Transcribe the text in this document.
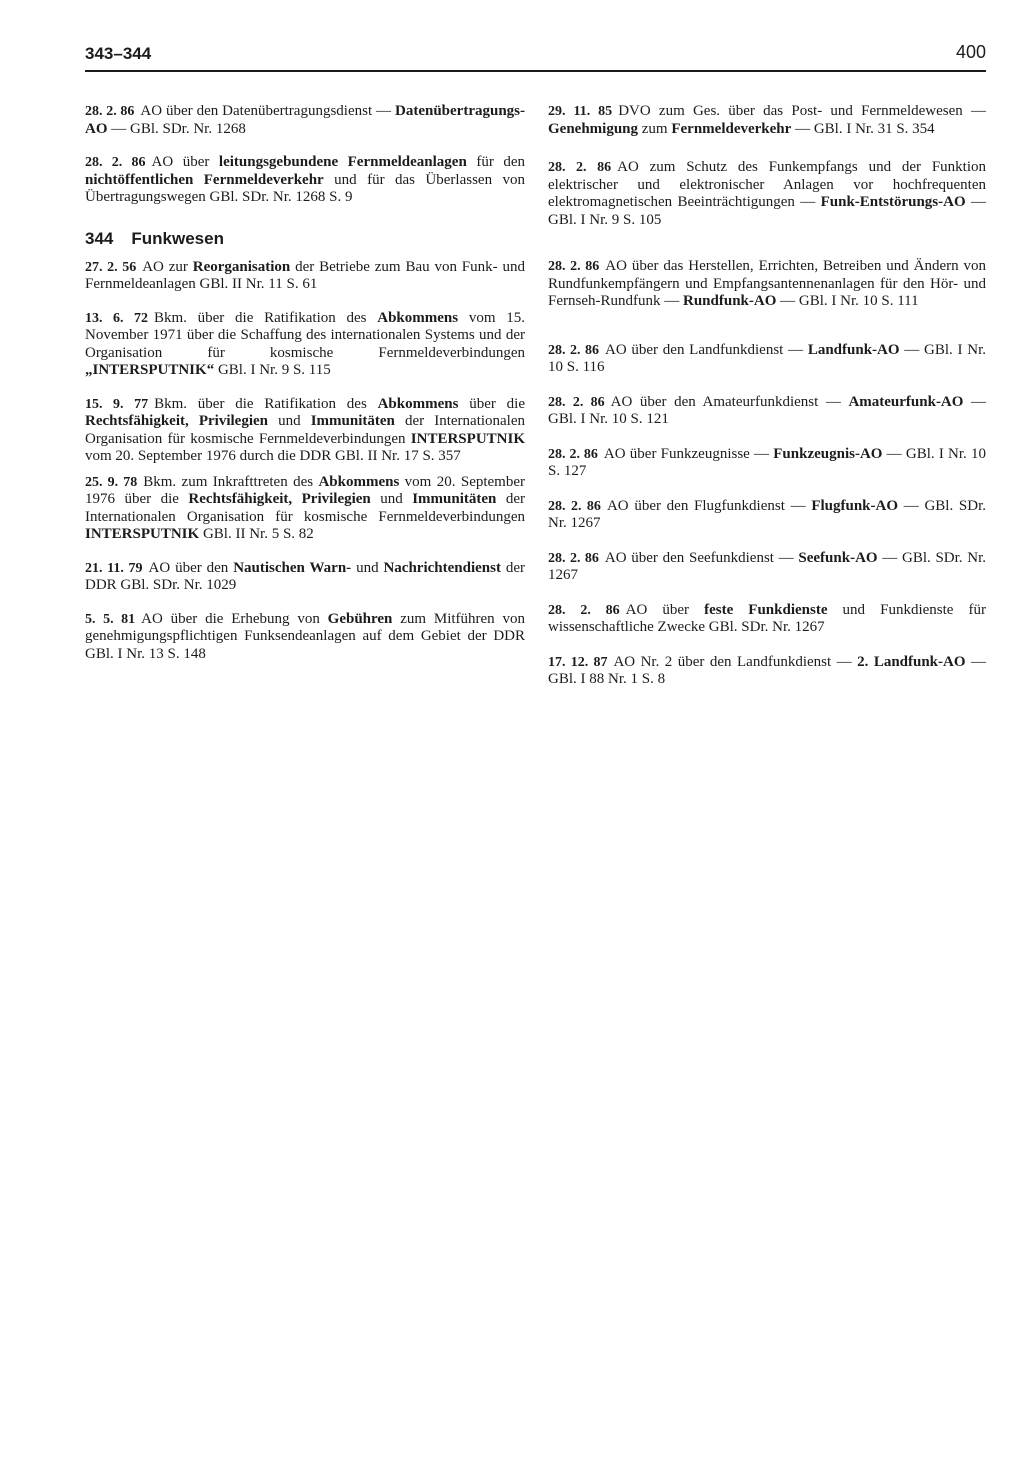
343–344	400

28. 2. 86 AO über den Datenübertragungsdienst — Datenübertragungs-AO — GBl. SDr. Nr. 1268

28. 2. 86 AO über leitungsgebundene Fernmeldeanlagen für den nichtöffentlichen Fernmeldeverkehr und für das Überlassen von Übertragungswegen GBl. SDr. Nr. 1268 S. 9

344 Funkwesen

27. 2. 56 AO zur Reorganisation der Betriebe zum Bau von Funk- und Fernmeldeanlagen GBl. II Nr. 11 S. 61

13. 6. 72 Bkm. über die Ratifikation des Abkommens vom 15. November 1971 über die Schaffung des internationalen Systems und der Organisation für kosmische Fernmeldeverbindungen „INTERSPUTNIK“ GBl. I Nr. 9 S. 115

15. 9. 77 Bkm. über die Ratifikation des Abkommens über die Rechtsfähigkeit, Privilegien und Immunitäten der Internationalen Organisation für kosmische Fernmeldeverbindungen INTERSPUTNIK vom 20. September 1976 durch die DDR GBl. II Nr. 17 S. 357

25. 9. 78 Bkm. zum Inkrafttreten des Abkommens vom 20. September 1976 über die Rechtsfähigkeit, Privilegien und Immunitäten der Internationalen Organisation für kosmische Fernmeldeverbindungen INTERSPUTNIK GBl. II Nr. 5 S. 82

21. 11. 79 AO über den Nautischen Warn- und Nachrichtendienst der DDR GBl. SDr. Nr. 1029

5. 5. 81 AO über die Erhebung von Gebühren zum Mitführen von genehmigungspflichtigen Funksendeanlagen auf dem Gebiet der DDR GBl. I Nr. 13 S. 148

29. 11. 85 DVO zum Ges. über das Post- und Fernmeldewesen — Genehmigung zum Fernmeldeverkehr — GBl. I Nr. 31 S. 354

28. 2. 86 AO zum Schutz des Funkempfangs und der Funktion elektrischer und elektronischer Anlagen vor hochfrequenten elektromagnetischen Beeinträchtigungen — Funk-Entstörungs-AO — GBl. I Nr. 9 S. 105

28. 2. 86 AO über das Herstellen, Errichten, Betreiben und Ändern von Rundfunkempfängern und Empfangsantennenanlagen für den Hör- und Fernseh-Rundfunk — Rundfunk-AO — GBl. I Nr. 10 S. 111

28. 2. 86 AO über den Landfunkdienst — Landfunk-AO — GBl. I Nr. 10 S. 116

28. 2. 86 AO über den Amateurfunkdienst — Amateurfunk-AO — GBl. I Nr. 10 S. 121

28. 2. 86 AO über Funkzeugnisse — Funkzeugnis-AO — GBl. I Nr. 10 S. 127

28. 2. 86 AO über den Flugfunkdienst — Flugfunk-AO — GBl. SDr. Nr. 1267

28. 2. 86 AO über den Seefunkdienst — Seefunk-AO — GBl. SDr. Nr. 1267

28. 2. 86 AO über feste Funkdienste und Funkdienste für wissenschaftliche Zwecke GBl. SDr. Nr. 1267

17. 12. 87 AO Nr. 2 über den Landfunkdienst — 2. Landfunk-AO — GBl. I 88 Nr. 1 S. 8
